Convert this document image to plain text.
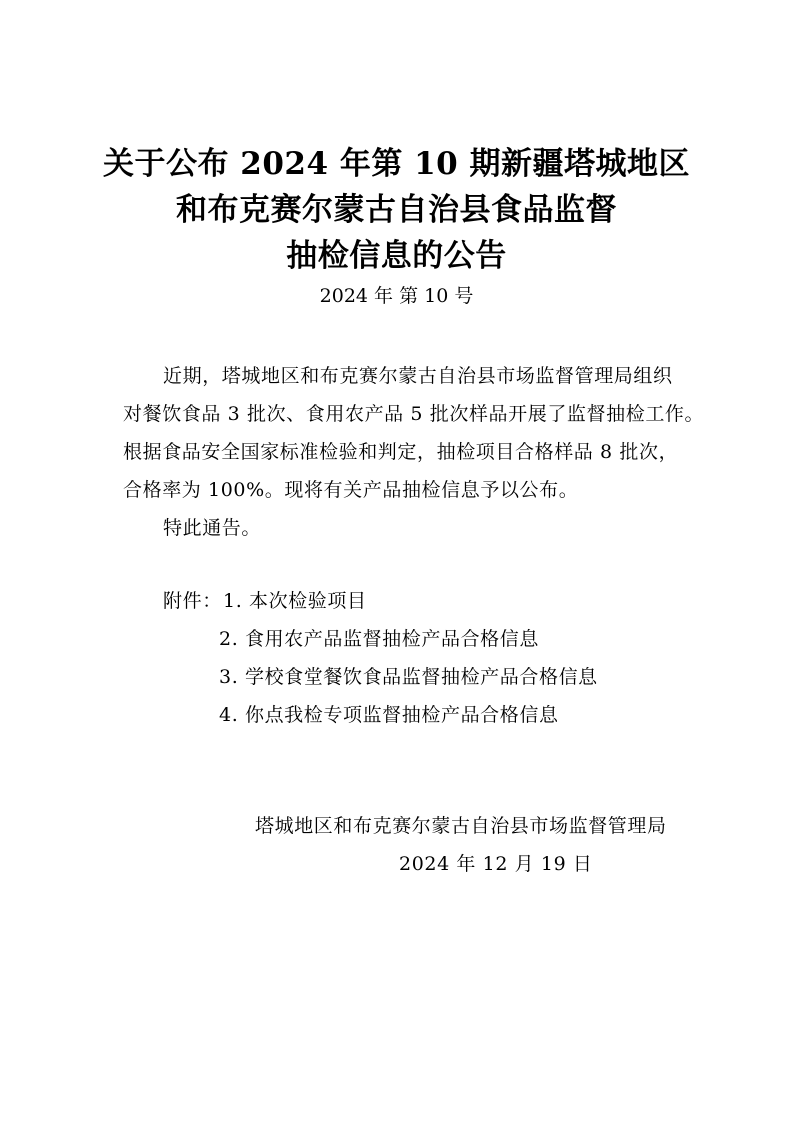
关于公布 2024 年第 10 期新疆塔城地区
和布克赛尔蒙古自治县食品监督
抽检信息的公告
2024 年 第 10 号
近期，塔城地区和布克赛尔蒙古自治县市场监督管理局组织
对餐饮食品 3 批次、食用农产品 5 批次样品开展了监督抽检工作。
根据食品安全国家标准检验和判定，抽检项目合格样品 8 批次，
合格率为 100%。现将有关产品抽检信息予以公布。
特此通告。
附件： 1. 本次检验项目
2. 食用农产品监督抽检产品合格信息
3. 学校食堂餐饮食品监督抽检产品合格信息
4. 你点我检专项监督抽检产品合格信息
塔城地区和布克赛尔蒙古自治县市场监督管理局
2024 年 12 月 19 日
